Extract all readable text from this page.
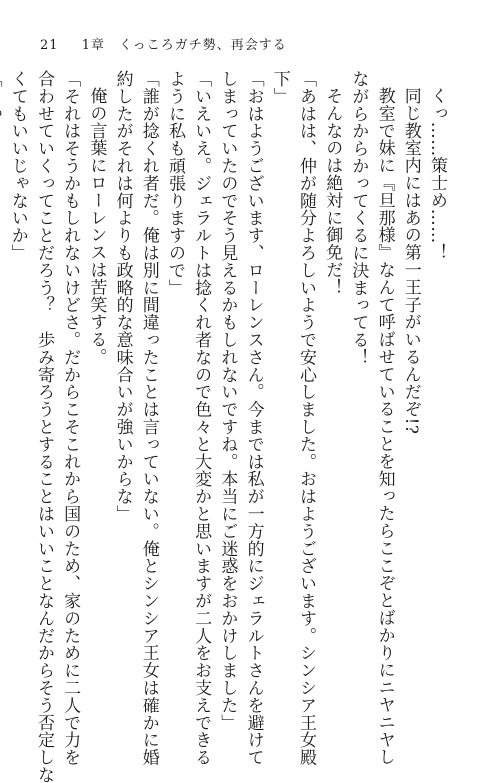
21 1章　くっころガチ勢、再会する
くっ……策士め……！
同じ教室内にはあの第一王子がいるんだぞ!?
教室で妹に『旦那様』なんて呼ばせていることを知ったらここぞとばかりにニヤニヤし
ながらからかってくるに決まってる！
そんなのは絶対に御免だ！
「あはは、仲が随分よろしいようで安心しました。おはようございます。シンシア王女殿
下」
「おはようございます、ローレンスさん。今までは私が一方的にジェラルトさんを避けて
しまっていたのでそう見えるかもしれないですね。本当にご迷惑をおかけしました」
「いえいえ。ジェラルトは捻くれ者なので色々と大変かと思いますが二人をお支えできる
ように私も頑張りますので」
「誰が捻くれ者だ。俺は別に間違ったことは言っていない。俺とシンシア王女は確かに婚
約したがそれは何よりも政略的な意味合いが強いからな」
俺の言葉にローレンスは苦笑する。
「それはそうかもしれないけどさ。だからこそこれから国のため、家のために二人で力を
合わせていくってことだろう？　歩み寄ろうとすることはいいことなんだからそう否定しな
くてもいいじゃないか」
